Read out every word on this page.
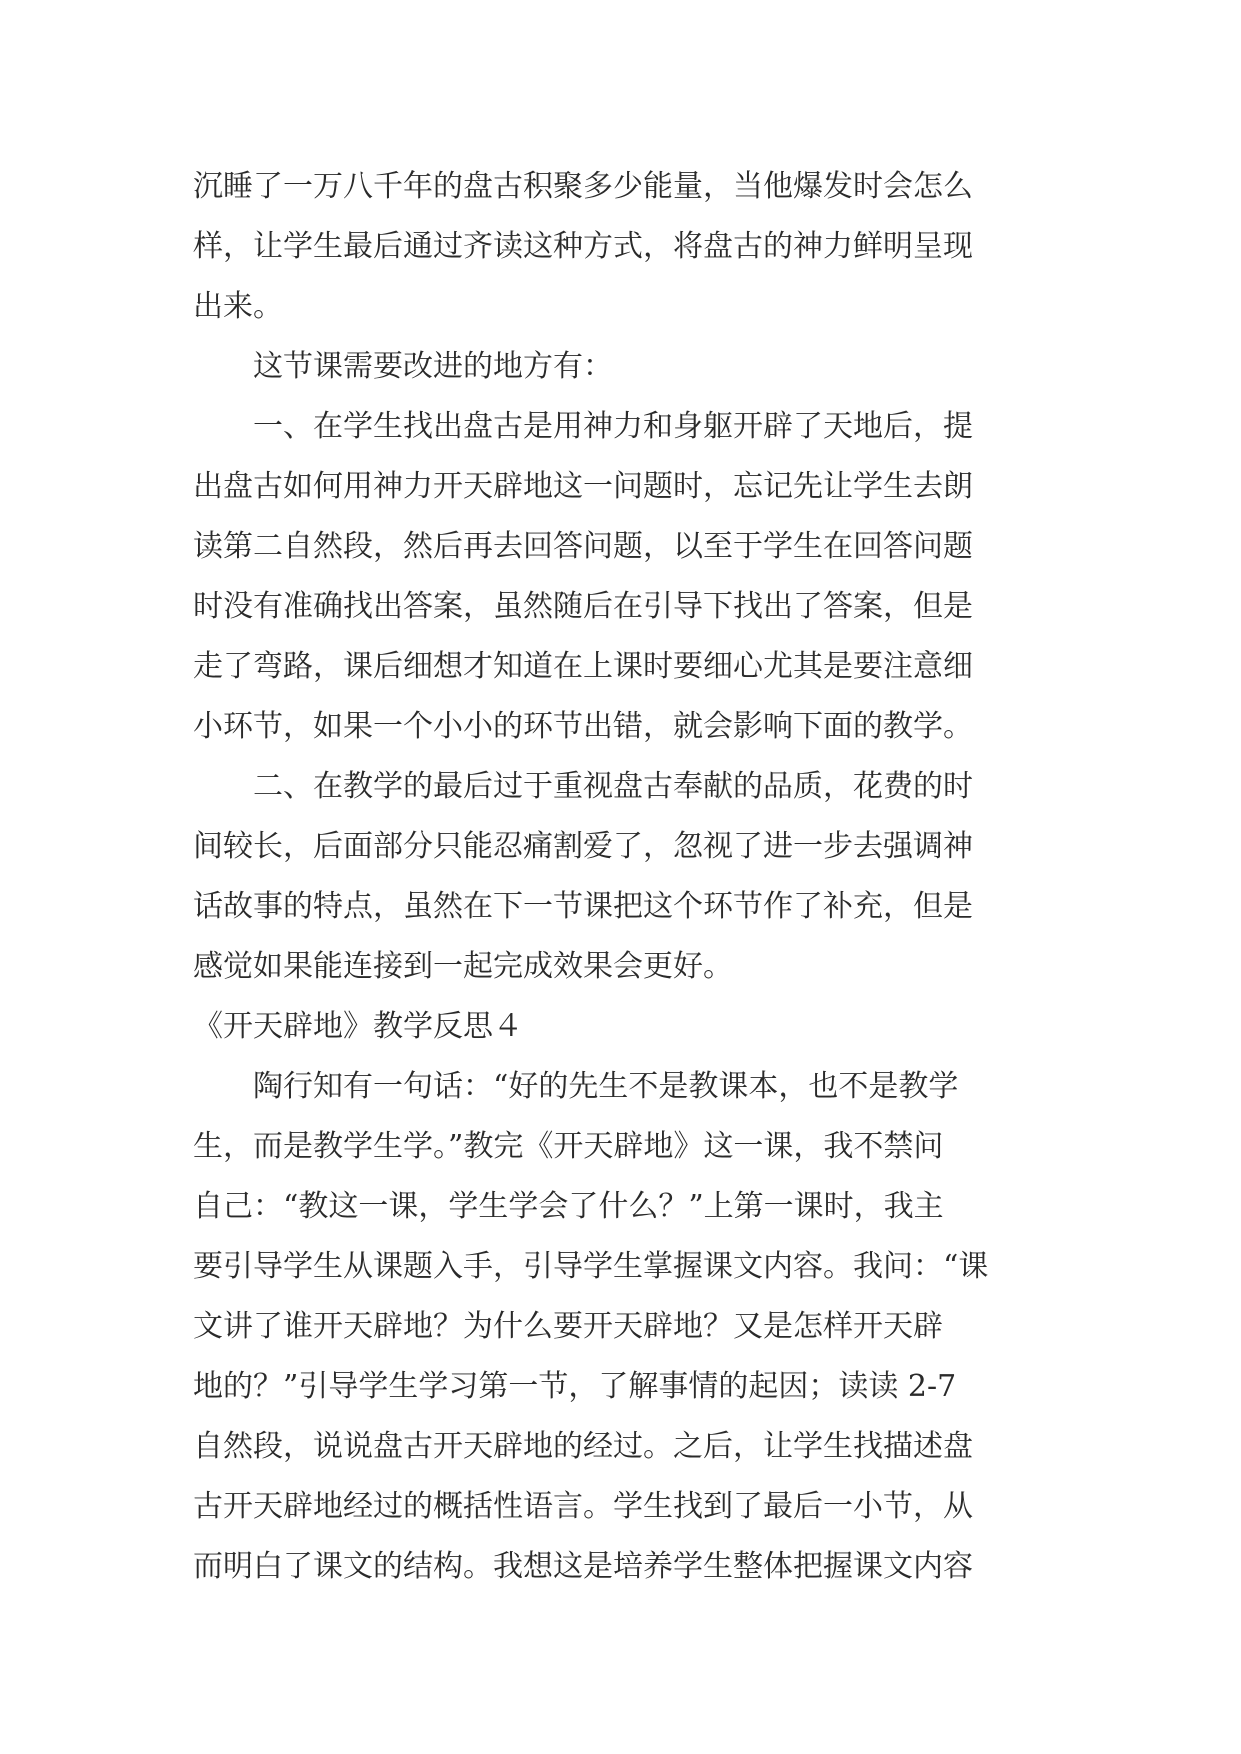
沉睡了一万八千年的盘古积聚多少能量，当他爆发时会怎么
样，让学生最后通过齐读这种方式，将盘古的神力鲜明呈现
出来。
这节课需要改进的地方有：
一、在学生找出盘古是用神力和身躯开辟了天地后，提
出盘古如何用神力开天辟地这一问题时，忘记先让学生去朗
读第二自然段，然后再去回答问题，以至于学生在回答问题
时没有准确找出答案，虽然随后在引导下找出了答案，但是
走了弯路，课后细想才知道在上课时要细心尤其是要注意细
小环节，如果一个小小的环节出错，就会影响下面的教学。
二、在教学的最后过于重视盘古奉献的品质，花费的时
间较长，后面部分只能忍痛割爱了，忽视了进一步去强调神
话故事的特点，虽然在下一节课把这个环节作了补充，但是
感觉如果能连接到一起完成效果会更好。
《开天辟地》教学反思４
陶行知有一句话：“好的先生不是教课本，也不是教学
生，而是教学生学。”教完《开天辟地》这一课，我不禁问
自己：“教这一课，学生学会了什么？”上第一课时，我主
要引导学生从课题入手，引导学生掌握课文内容。我问：“课
文讲了谁开天辟地？为什么要开天辟地？又是怎样开天辟
地的？”引导学生学习第一节，了解事情的起因；读读 2-7
自然段，说说盘古开天辟地的经过。之后，让学生找描述盘
古开天辟地经过的概括性语言。学生找到了最后一小节，从
而明白了课文的结构。我想这是培养学生整体把握课文内容
